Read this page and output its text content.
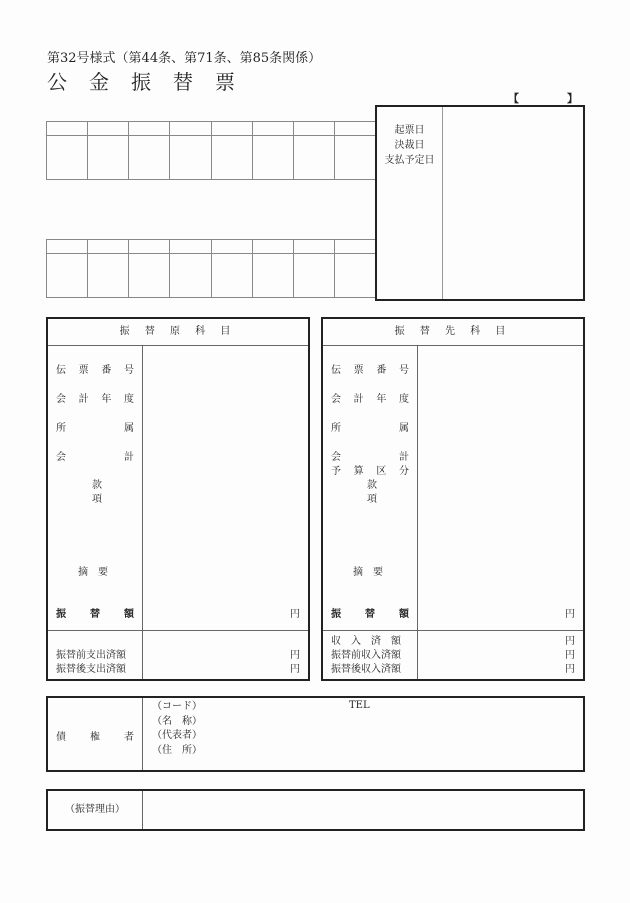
第32号様式（第44条、第71条、第85条関係）
公 金 振 替 票
【	】

起票日
決裁日
支払予定日
振 替 原 科 目
伝 票 番 号
会 計 年 度
所	属
会	計
款
項
摘　要
振 替 額	円
振替前支出済額	円
振替後支出済額	円
振 替 先 科 目
伝 票 番 号
会 計 年 度
所	属
会	計
予 算 区 分
款
項
摘　要
振 替 額	円
収　入　済　額	円
振替前収入済額	円
振替後収入済額	円
債 権 者
（コード）
（名　称）
（代表者）
（住　所）
TEL
（振替理由）
